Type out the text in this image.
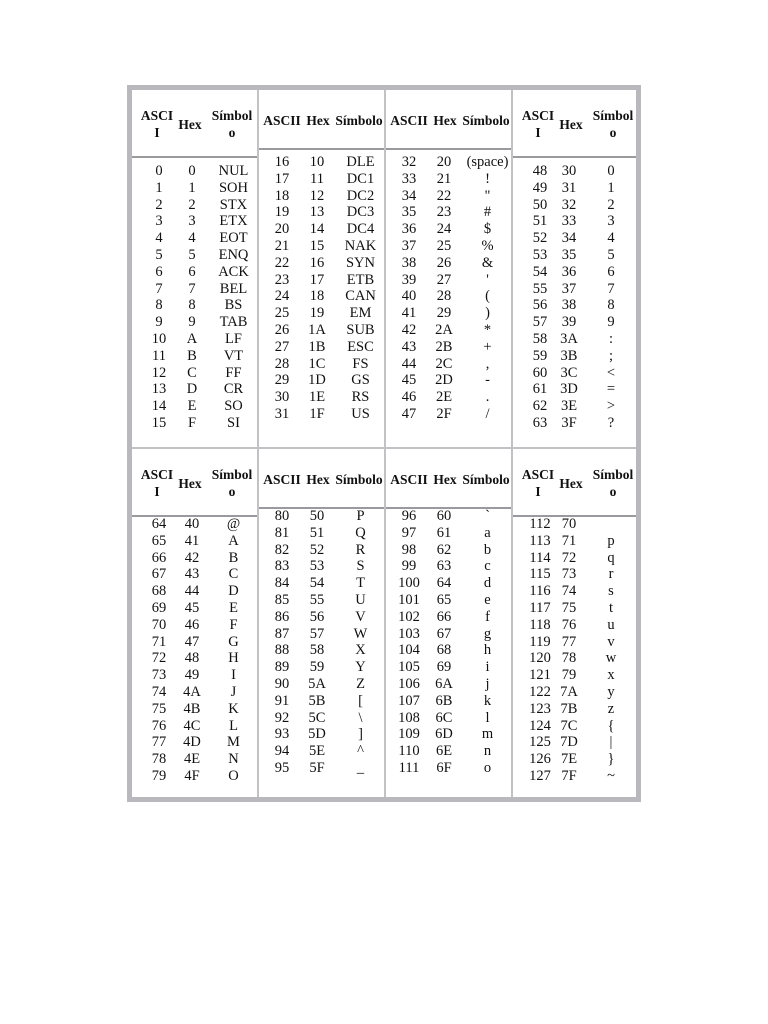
ASCI
I
Hex
Símbol
o
0	0	NUL
1	1	SOH
2	2	STX
3	3	ETX
4	4	EOT
5	5	ENQ
6	6	ACK
7	7	BEL
8	8	BS
9	9	TAB
10	A	LF
11	B	VT
12	C	FF
13	D	CR
14	E	SO
15	F	SI
ASCII Hex Símbolo
16	10	DLE
17	11	DC1
18	12	DC2
19	13	DC3
20	14	DC4
21	15	NAK
22	16	SYN
23	17	ETB
24	18	CAN
25	19	EM
26	1A	SUB
27	1B	ESC
28	1C	FS
29	1D	GS
30	1E	RS
31	1F	US
ASCII Hex Símbolo
32	20	(space)
33	21	!
34	22	"
35	23	#
36	24	$
37	25	%
38	26	&
39	27	'
40	28	(
41	29	)
42	2A	*
43	2B	+
44	2C	,
45	2D	-
46	2E	.
47	2F	/
ASCI
I
Hex
Símbol
o
48	30	0
49	31	1
50	32	2
51	33	3
52	34	4
53	35	5
54	36	6
55	37	7
56	38	8
57	39	9
58 3A	:
59 3B	;
60 3C	<
61 3D	=
62 3E	>
63 3F	?
ASCI
I
Hex
Símbol
o
64	40	@
65	41	A
66	42	B
67	43	C
68	44	D
69	45	E
70	46	F
71	47	G
72	48	H
73	49	I
74	4A	J
75	4B	K
76	4C	L
77	4D	M
78	4E	N
79	4F	O
ASCII Hex Símbolo
80	50	P
81	51	Q
82	52	R
83	53	S
84	54	T
85	55	U
86	56	V
87	57	W
88	58	X
89	59	Y
90	5A	Z
91	5B	[
92	5C	\
93	5D	]
94	5E	^
95	5F	_
ASCII Hex Símbolo
96	60	`
97	61	a
98	62	b
99	63	c
100	64	d
101	65	e
102	66	f
103	67	g
104	68	h
105	69	i
106	6A	j
107	6B	k
108	6C	l
109	6D	m
110	6E	n
111	6F	o
ASCI
I
Hex
Símbol
o
112 70
113 71	p
114 72	q
115 73	r
116 74	s
117 75	t
118 76	u
119 77	v
120 78	w
121 79	x
122 7A	y
123 7B	z
124 7C	{
125 7D	|
126 7E	}
127 7F	~
